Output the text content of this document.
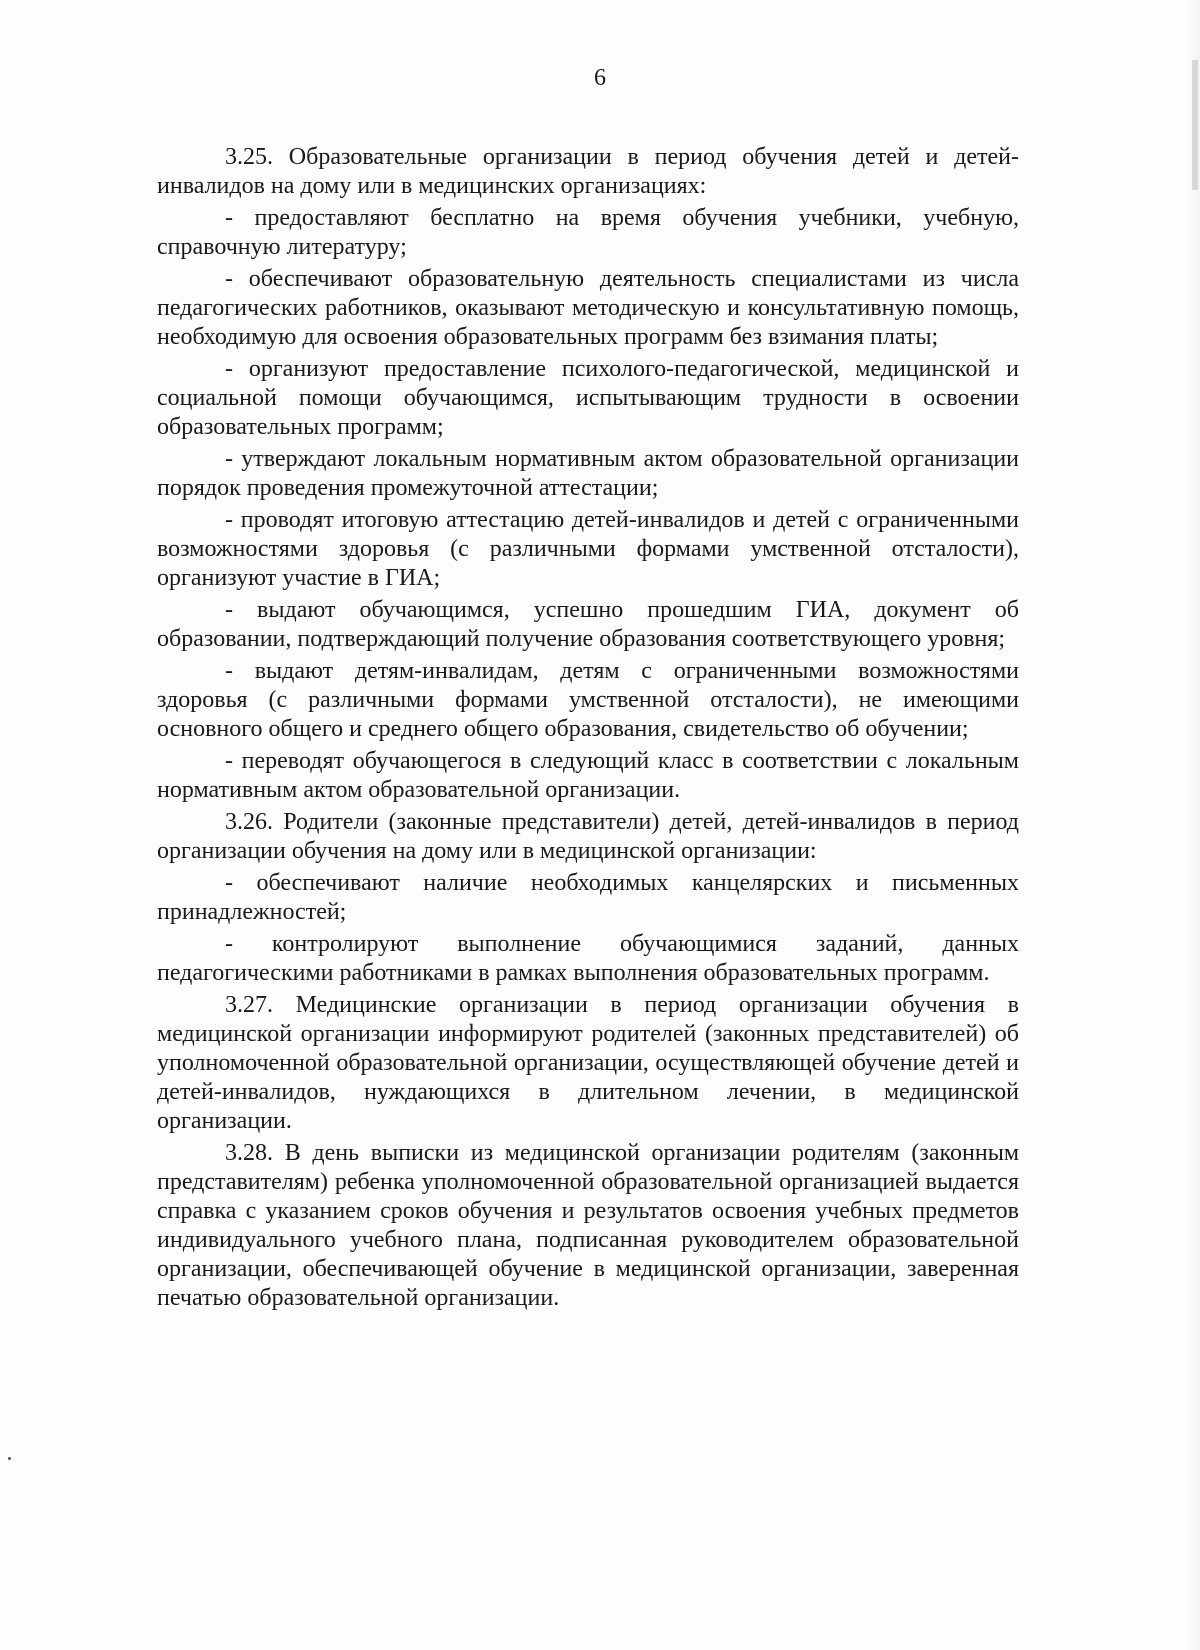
6

3.25. Образовательные организации в период обучения детей и детей-инвалидов на дому или в медицинских организациях:

- предоставляют бесплатно на время обучения учебники, учебную, справочную литературу;

- обеспечивают образовательную деятельность специалистами из числа педагогических работников, оказывают методическую и консультативную помощь, необходимую для освоения образовательных программ без взимания платы;

- организуют предоставление психолого-педагогической, медицинской и социальной помощи обучающимся, испытывающим трудности в освоении образовательных программ;

- утверждают локальным нормативным актом образовательной организации порядок проведения промежуточной аттестации;

- проводят итоговую аттестацию детей-инвалидов и детей с ограниченными возможностями здоровья (с различными формами умственной отсталости), организуют участие в ГИА;

- выдают обучающимся, успешно прошедшим ГИА, документ об образовании, подтверждающий получение образования соответствующего уровня;

- выдают детям-инвалидам, детям с ограниченными возможностями здоровья (с различными формами умственной отсталости), не имеющими основного общего и среднего общего образования, свидетельство об обучении;

- переводят обучающегося в следующий класс в соответствии с локальным нормативным актом образовательной организации.

3.26. Родители (законные представители) детей, детей-инвалидов в период организации обучения на дому или в медицинской организации:

- обеспечивают наличие необходимых канцелярских и письменных принадлежностей;

- контролируют выполнение обучающимися заданий, данных педагогическими работниками в рамках выполнения образовательных программ.

3.27. Медицинские организации в период организации обучения в медицинской организации информируют родителей (законных представителей) об уполномоченной образовательной организации, осуществляющей обучение детей и детей-инвалидов, нуждающихся в длительном лечении, в медицинской организации.

3.28. В день выписки из медицинской организации родителям (законным представителям) ребенка уполномоченной образовательной организацией выдается справка с указанием сроков обучения и результатов освоения учебных предметов индивидуального учебного плана, подписанная руководителем образовательной организации, обеспечивающей обучение в медицинской организации, заверенная печатью образовательной организации.
